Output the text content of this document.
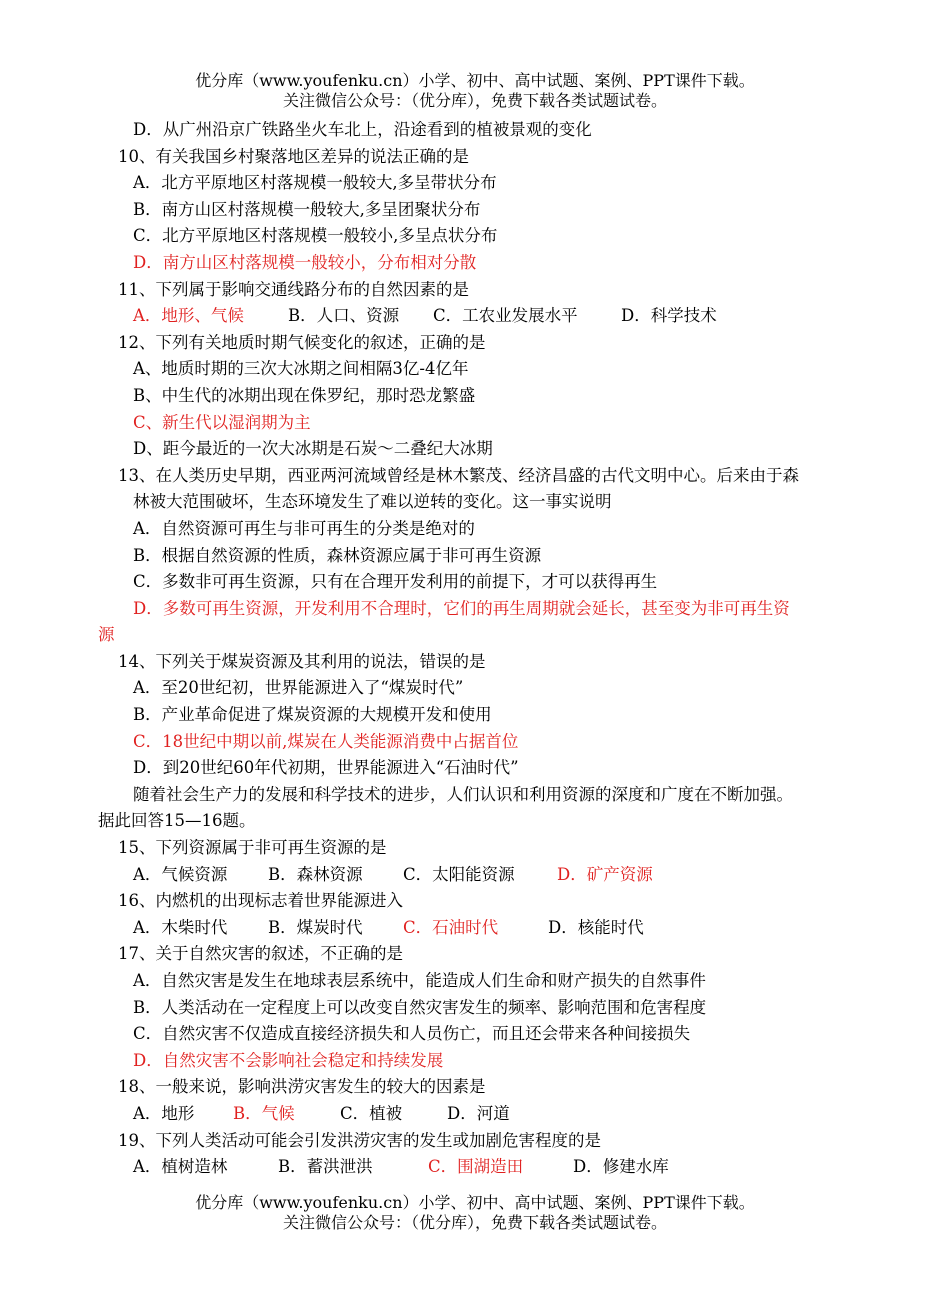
优分库（www.youfenku.cn）小学、初中、高中试题、案例、PPT课件下载。
关注微信公众号：（优分库），免费下载各类试题试卷。
D．从广州沿京广铁路坐火车北上，沿途看到的植被景观的变化
10、有关我国乡村聚落地区差异的说法正确的是
A．北方平原地区村落规模一般较大,多呈带状分布
B．南方山区村落规模一般较大,多呈团聚状分布
C．北方平原地区村落规模一般较小,多呈点状分布
D．南方山区村落规模一般较小，分布相对分散
11、下列属于影响交通线路分布的自然因素的是
A．地形、气候	B．人口、资源 C．工农业发展水平	D．科学技术
12、下列有关地质时期气候变化的叙述，正确的是
A、地质时期的三次大冰期之间相隔3亿-4亿年
B、中生代的冰期出现在侏罗纪，那时恐龙繁盛
C、新生代以湿润期为主
D、距今最近的一次大冰期是石炭～二叠纪大冰期
13、在人类历史早期，西亚两河流域曾经是林木繁茂、经济昌盛的古代文明中心。后来由于森
林被大范围破坏，生态环境发生了难以逆转的变化。这一事实说明
A．自然资源可再生与非可再生的分类是绝对的
B．根据自然资源的性质，森林资源应属于非可再生资源
C．多数非可再生资源，只有在合理开发利用的前提下，才可以获得再生
D．多数可再生资源，开发利用不合理时，它们的再生周期就会延长，甚至变为非可再生资
源
14、下列关于煤炭资源及其利用的说法，错误的是
A．至20世纪初，世界能源进入了“煤炭时代”
B．产业革命促进了煤炭资源的大规模开发和使用
C．18世纪中期以前,煤炭在人类能源消费中占据首位
D．到20世纪60年代初期，世界能源进入“石油时代”
随着社会生产力的发展和科学技术的进步，人们认识和利用资源的深度和广度在不断加强。
据此回答15—16题。
15、下列资源属于非可再生资源的是
A．气候资源 B．森林资源 C．太阳能资源	D．矿产资源
16、内燃机的出现标志着世界能源进入
A．木柴时代 B．煤炭时代 C．石油时代	D．核能时代
17、关于自然灾害的叙述，不正确的是
A．自然灾害是发生在地球表层系统中，能造成人们生命和财产损失的自然事件
B．人类活动在一定程度上可以改变自然灾害发生的频率、影响范围和危害程度
C．自然灾害不仅造成直接经济损失和人员伤亡，而且还会带来各种间接损失
D．自然灾害不会影响社会稳定和持续发展
18、一般来说，影响洪涝灾害发生的较大的因素是
A．地形 B．气候	C．植被	D．河道
19、下列人类活动可能会引发洪涝灾害的发生或加剧危害程度的是
A．植树造林	B．蓄洪泄洪	C．围湖造田	D．修建水库
优分库（www.youfenku.cn）小学、初中、高中试题、案例、PPT课件下载。
关注微信公众号：（优分库），免费下载各类试题试卷。
